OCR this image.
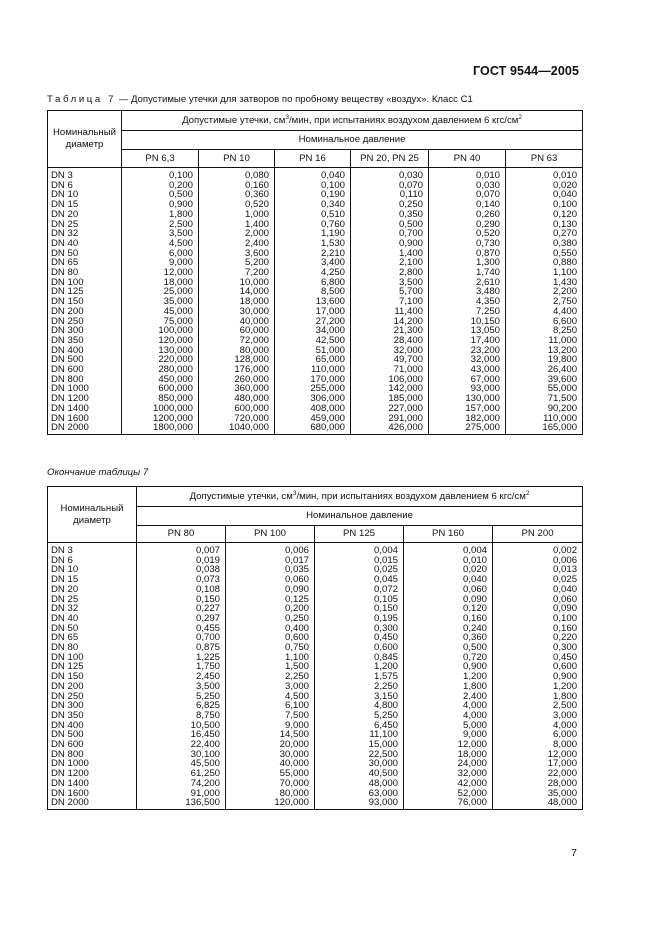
ГОСТ 9544—2005
Таблица 7 — Допустимые утечки для затворов по пробному веществу «воздух». Класс С1
Номинальный диаметр	Допустимые утечки, $см^3$/мин, при испытаниях воздухом давлением 6 кгс/$см^2$
	Номинальное давление					
	PN 6,3	PN 10	PN 16	PN 20, PN 25	PN 40	PN 63
DN 3	0,100	0,080	0,040	0,030	0,010	0,010
DN 6	0,200	0,160	0,100	0,070	0,030	0,020
DN 10	0,500	0,360	0,190	0,110	0,070	0,040
DN 15	0,900	0,520	0,340	0,250	0,140	0,100
DN 20	1,800	1,000	0,510	0,350	0,260	0,120
DN 25	2,500	1,400	0,760	0,500	0,290	0,130
DN 32	3,500	2,000	1,190	0,700	0,520	0,270
DN 40	4,500	2,400	1,530	0,900	0,730	0,380
DN 50	6,000	3,600	2,210	1,400	0,870	0,550
DN 65	9,000	5,200	3,400	2,100	1,300	0,880
DN 80	12,000	7,200	4,250	2,800	1,740	1,100
DN 100	18,000	10,000	6,800	3,500	2,610	1,430
DN 125	25,000	14,000	8,500	5,700	3,480	2,200
DN 150	35,000	18,000	13,600	7,100	4,350	2,750
DN 200	45,000	30,000	17,000	11,400	7,250	4,400
DN 250	75,000	40,000	27,200	14,200	10,150	6,600
DN 300	100,000	60,000	34,000	21,300	13,050	8,250
DN 350	120,000	72,000	42,500	28,400	17,400	11,000
DN 400	130,000	80,000	51,000	32,000	23,200	13,200
DN 500	220,000	128,000	65,000	49,700	32,000	19,800
DN 600	280,000	176,000	110,000	71,000	43,000	26,400
DN 800	450,000	260,000	170,000	106,000	67,000	39,600
DN 1000	600,000	360,000	255,000	142,000	93,000	55,000
DN 1200	850,000	480,000	306,000	185,000	130,000	71,500
DN 1400	1000,000	600,000	408,000	227,000	157,000	90,200
DN 1600	1200,000	720,000	459,000	291,000	182,000	110,000
DN 2000	1800,000	1040,000	680,000	426,000	275,000	165,000
Окончание таблицы 7
Номинальный диаметр	Допустимые утечки, $см^3$/мин, при испытаниях воздухом давлением 6 кгс/$см^2$
	Номинальное давление				
	PN 80	PN 100	PN 125	PN 160	PN 200
DN 3	0,007	0,006	0,004	0,004	0,002
DN 6	0,019	0,017	0,015	0,010	0,006
DN 10	0,038	0,035	0,025	0,020	0,013
DN 15	0,073	0,060	0,045	0,040	0,025
DN 20	0,108	0,090	0,072	0,060	0,040
DN 25	0,150	0,125	0,105	0,090	0,060
DN 32	0,227	0,200	0,150	0,120	0,090
DN 40	0,297	0,250	0,195	0,160	0,100
DN 50	0,455	0,400	0,300	0,240	0,160
DN 65	0,700	0,600	0,450	0,360	0,220
DN 80	0,875	0,750	0,600	0,500	0,300
DN 100	1,225	1,100	0,845	0,720	0,450
DN 125	1,750	1,500	1,200	0,900	0,600
DN 150	2,450	2,250	1,575	1,200	0,900
DN 200	3,500	3,000	2,250	1,800	1,200
DN 250	5,250	4,500	3,150	2,400	1,800
DN 300	6,825	6,100	4,800	4,000	2,500
DN 350	8,750	7,500	5,250	4,000	3,000
DN 400	10,500	9,000	6,450	5,000	4,000
DN 500	16,450	14,500	11,100	9,000	6,000
DN 600	22,400	20,000	15,000	12,000	8,000
DN 800	30,100	30,000	22,500	18,000	12,000
DN 1000	45,500	40,000	30,000	24,000	17,000
DN 1200	61,250	55,000	40,500	32,000	22,000
DN 1400	74,200	70,000	48,000	42,000	28,000
DN 1600	91,000	80,000	63,000	52,000	35,000
DN 2000	136,500	120,000	93,000	76,000	48,000
7
